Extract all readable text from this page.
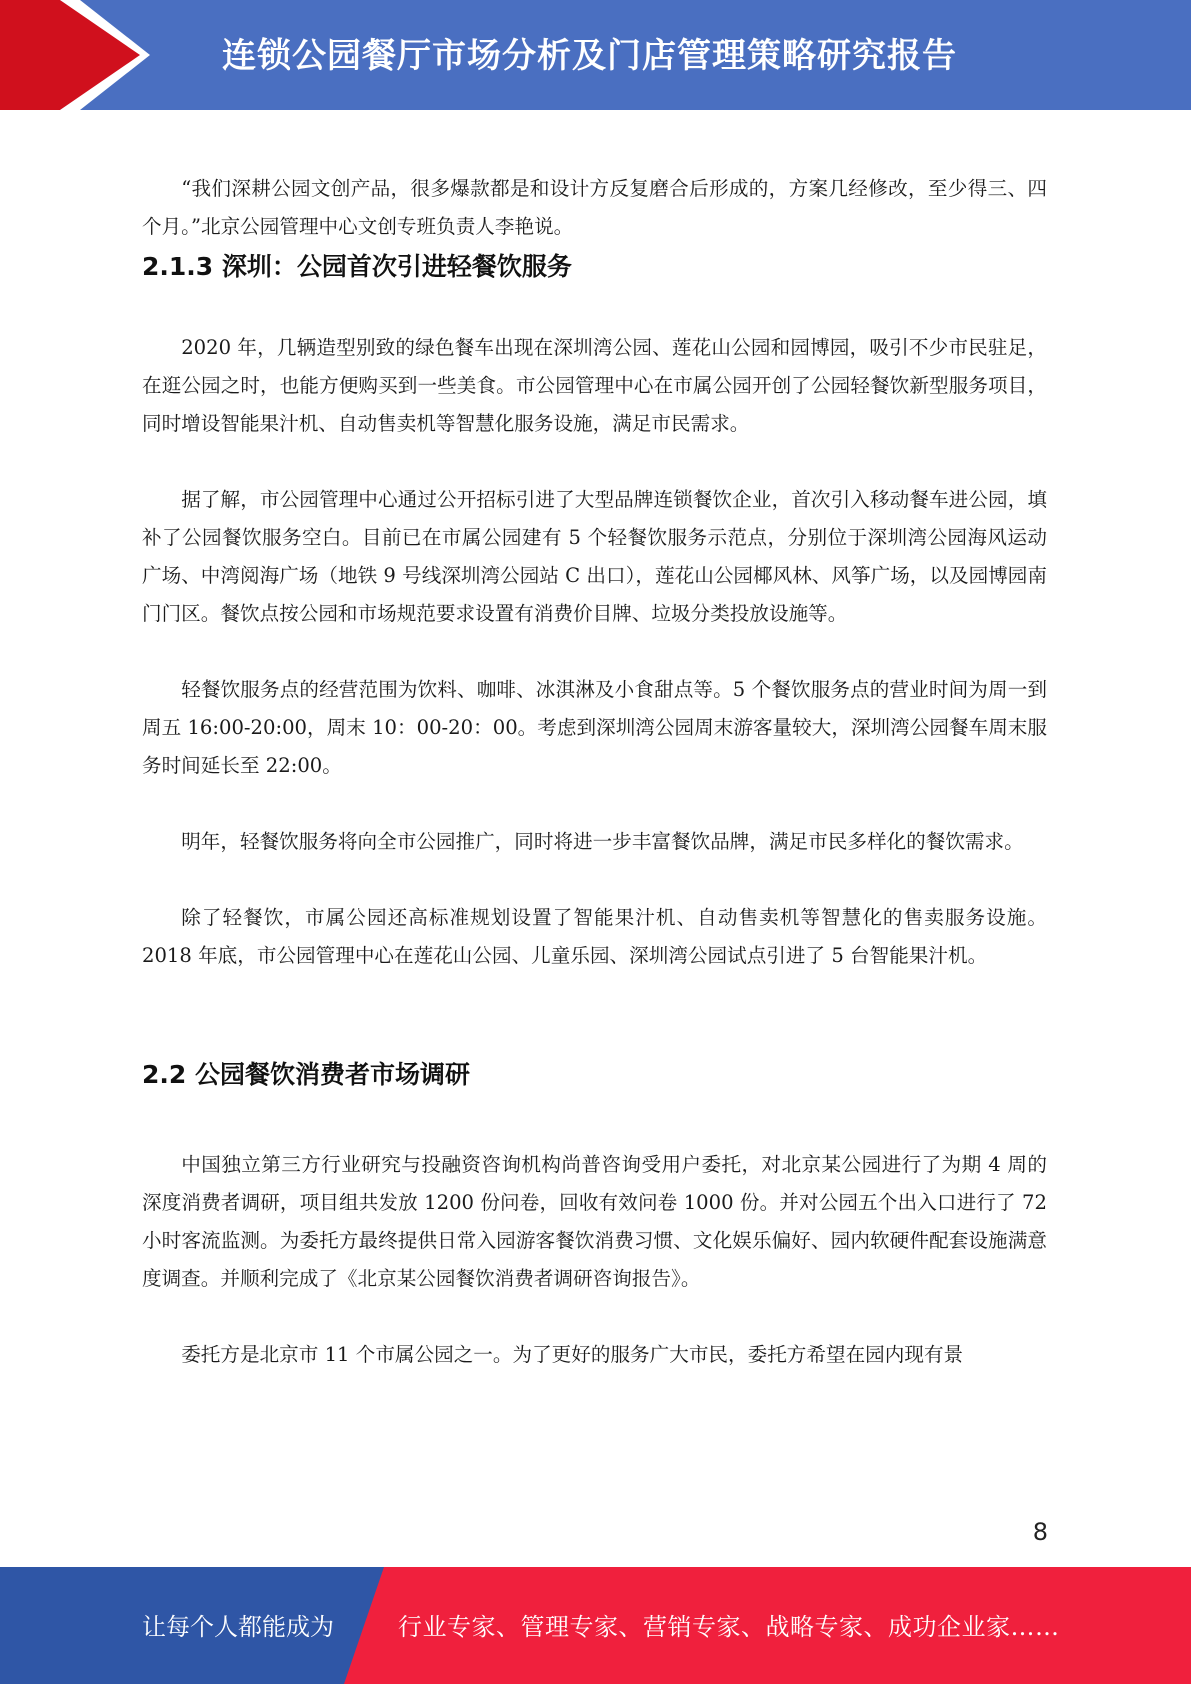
连锁公园餐厅市场分析及门店管理策略研究报告

“我们深耕公园文创产品，很多爆款都是和设计方反复磨合后形成的，方案几经修改，至少得三、四个月。”北京公园管理中心文创专班负责人李艳说。

2.1.3 深圳：公园首次引进轻餐饮服务

2020 年，几辆造型别致的绿色餐车出现在深圳湾公园、莲花山公园和园博园，吸引不少市民驻足，在逛公园之时，也能方便购买到一些美食。市公园管理中心在市属公园开创了公园轻餐饮新型服务项目，同时增设智能果汁机、自动售卖机等智慧化服务设施，满足市民需求。

据了解，市公园管理中心通过公开招标引进了大型品牌连锁餐饮企业，首次引入移动餐车进公园，填补了公园餐饮服务空白。目前已在市属公园建有 5 个轻餐饮服务示范点，分别位于深圳湾公园海风运动广场、中湾阅海广场（地铁 9 号线深圳湾公园站 C 出口），莲花山公园椰风林、风筝广场，以及园博园南门门区。餐饮点按公园和市场规范要求设置有消费价目牌、垃圾分类投放设施等。

轻餐饮服务点的经营范围为饮料、咖啡、冰淇淋及小食甜点等。5 个餐饮服务点的营业时间为周一到周五 16:00-20:00，周末 10：00-20：00。考虑到深圳湾公园周末游客量较大，深圳湾公园餐车周末服务时间延长至 22:00。

明年，轻餐饮服务将向全市公园推广，同时将进一步丰富餐饮品牌，满足市民多样化的餐饮需求。

除了轻餐饮，市属公园还高标准规划设置了智能果汁机、自动售卖机等智慧化的售卖服务设施。2018 年底，市公园管理中心在莲花山公园、儿童乐园、深圳湾公园试点引进了 5 台智能果汁机。

2.2 公园餐饮消费者市场调研

中国独立第三方行业研究与投融资咨询机构尚普咨询受用户委托，对北京某公园进行了为期 4 周的深度消费者调研，项目组共发放 1200 份问卷，回收有效问卷 1000 份。并对公园五个出入口进行了 72 小时客流监测。为委托方最终提供日常入园游客餐饮消费习惯、文化娱乐偏好、园内软硬件配套设施满意度调查。并顺利完成了《北京某公园餐饮消费者调研咨询报告》。

委托方是北京市 11 个市属公园之一。为了更好的服务广大市民，委托方希望在园内现有景

8
让每个人都能成为	行业专家、管理专家、营销专家、战略专家、成功企业家……
